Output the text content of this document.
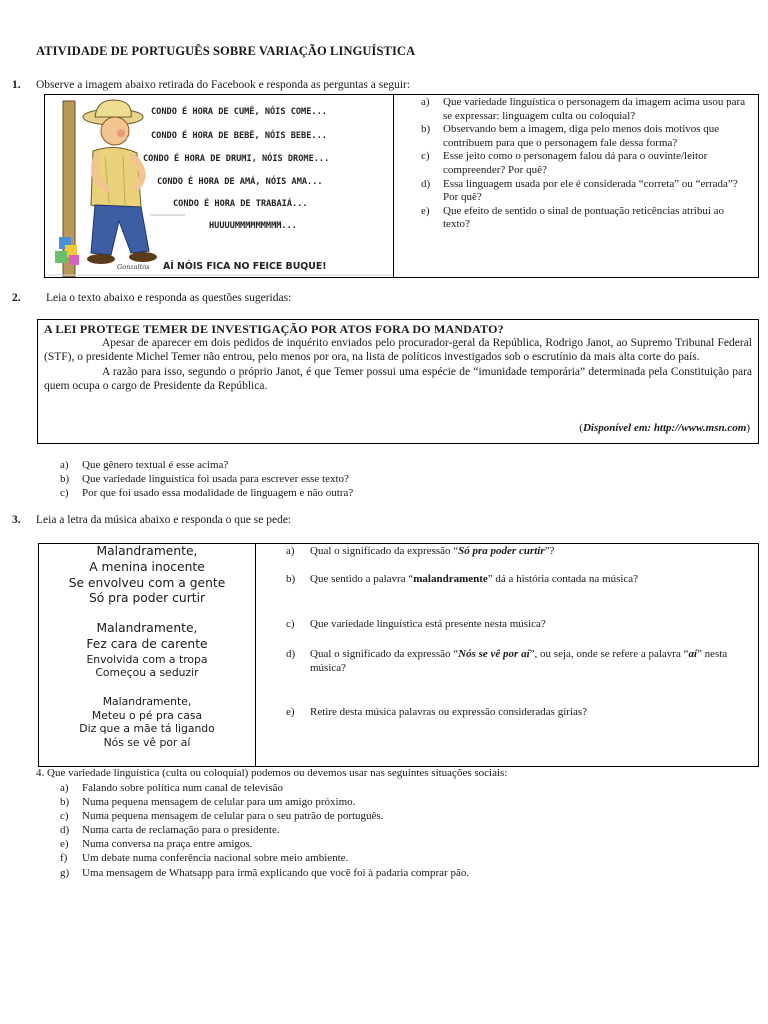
ATIVIDADE DE PORTUGUÊS SOBRE VARIAÇÃO LINGUÍSTICA
1. Observe a imagem abaixo retirada do Facebook e responda as perguntas a seguir:
CONDO É HORA DE CUMÊ, NÓIS COME...
CONDO É HORA DE BEBÊ, NÓIS BEBE...
CONDO É HORA DE DRUMI, NÓIS DROME...
CONDO É HORA DE AMÁ, NÓIS AMA...
CONDO É HORA DE TRABAIÁ...
HUUUUMMMMMMMMM...
AÍ NÓIS FICA NO FEICE BUQUE!
Gonzaltos
a)	Que variedade linguística o personagem da imagem acima usou para se expressar: linguagem culta ou coloquial?
b)	Observando bem a imagem, diga pelo menos dois motivos que contribuem para que o personagem fale dessa forma?
c)	Esse jeito como o personagem falou dá para o ouvinte/leitor compreender? Por quê?
d)	Essa linguagem usada por ele é considerada “correta” ou “errada”? Por quê?
e)	Que efeito de sentido o sinal de pontuação reticências atribui ao texto?
2. Leia o texto abaixo e responda as questões sugeridas:
A LEI PROTEGE TEMER DE INVESTIGAÇÃO POR ATOS FORA DO MANDATO?

Apesar de aparecer em dois pedidos de inquérito enviados pelo procurador-geral da República, Rodrigo Janot, ao Supremo Tribunal Federal (STF), o presidente Michel Temer não entrou, pelo menos por ora, na lista de políticos investigados sob o escrutínio da mais alta corte do país.

A razão para isso, segundo o próprio Janot, é que Temer possui uma espécie de “imunidade temporária” determinada pela Constituição para quem ocupa o cargo de Presidente da República.

(Disponível em: http://www.msn.com)
a)	Que gênero textual é esse acima?
b)	Que variedade linguística foi usada para escrever esse texto?
c)	Por que foi usado essa modalidade de linguagem e não outra?
3. Leia a letra da música abaixo e responda o que se pede:
Malandramente,
A menina inocente
Se envolveu com a gente
Só pra poder curtir
Malandramente,
Fez cara de carente
Envolvida com a tropa
Começou a seduzir
Malandramente,
Meteu o pé pra casa
Diz que a mãe tá ligando
Nós se vê por aí
a)	Qual o significado da expressão “Só pra poder curtir”?
b)	Que sentido a palavra “malandramente” dá a história contada na música?
c)	Que variedade linguística está presente nesta música?
d)	Qual o significado da expressão “Nós se vê por aí”, ou seja, onde se refere a palavra “aí” nesta música?
e)	Retire desta música palavras ou expressão consideradas gírias?
4. Que variedade linguística (culta ou coloquial) podemos ou devemos usar nas seguintes situações sociais:
a)	Falando sobre política num canal de televisão
b)	Numa pequena mensagem de celular para um amigo próximo.
c)	Numa pequena mensagem de celular para o seu patrão de português.
d)	Numa carta de reclamação para o presidente.
e)	Numa conversa na praça entre amigos.
f)	Um debate numa conferência nacional sobre meio ambiente.
g)	Uma mensagem de Whatsapp para irmã explicando que você foi à padaria comprar pão.
